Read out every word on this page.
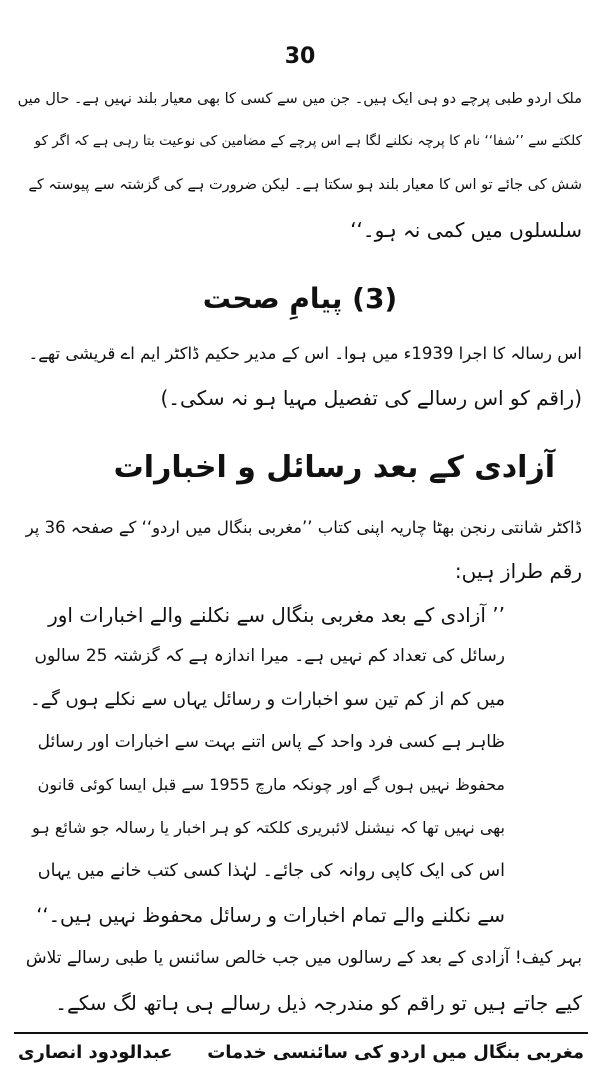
30
ملک اردو طبی پرچے دو ہی ایک ہیں۔ جن میں سے کسی کا بھی معیار بلند نہیں ہے۔ حال میں
کلکتے سے ’’شفا‘‘ نام کا پرچہ نکلنے لگا ہے اس پرچے کے مضامین کی نوعیت بتا رہی ہے کہ اگر کو
شش کی جائے تو اس کا معیار بلند ہو سکتا ہے۔ لیکن ضرورت ہے کی گزشتہ سے پیوستہ کے
سلسلوں میں کمی نہ ہو۔‘‘
(3) پیامِ صحت
اس رسالہ کا اجرا 1939ء میں ہوا۔ اس کے مدیر حکیم ڈاکٹر ایم اے قریشی تھے۔
(راقم کو اس رسالے کی تفصیل مہیا ہو نہ سکی۔)
آزادی کے بعد رسائل و اخبارات
ڈاکٹر شانتی رنجن بھٹا چاریہ اپنی کتاب ’’مغربی بنگال میں اردو‘‘ کے صفحہ 36 پر
رقم طراز ہیں:
’’ آزادی کے بعد مغربی بنگال سے نکلنے والے اخبارات اور
رسائل کی تعداد کم نہیں ہے۔ میرا اندازہ ہے کہ گزشتہ 25 سالوں
میں کم از کم تین سو اخبارات و رسائل یہاں سے نکلے ہوں گے۔
ظاہر ہے کسی فرد واحد کے پاس اتنے بہت سے اخبارات اور رسائل
محفوظ نہیں ہوں گے اور چونکہ مارچ 1955 سے قبل ایسا کوئی قانون
بھی نہیں تھا کہ نیشنل لائبریری کلکتہ کو ہر اخبار یا رسالہ جو شائع ہو
اس کی ایک کاپی روانہ کی جائے۔ لہٰذا کسی کتب خانے میں یہاں
سے نکلنے والے تمام اخبارات و رسائل محفوظ نہیں ہیں۔‘‘
بہر کیف! آزادی کے بعد کے رسالوں میں جب خالص سائنس یا طبی رسالے تلاش
کیے جاتے ہیں تو راقم کو مندرجہ ذیل رسالے ہی ہاتھ لگ سکے۔
عبدالودود انصاری مغربی بنگال میں اردو کی سائنسی خدمات
